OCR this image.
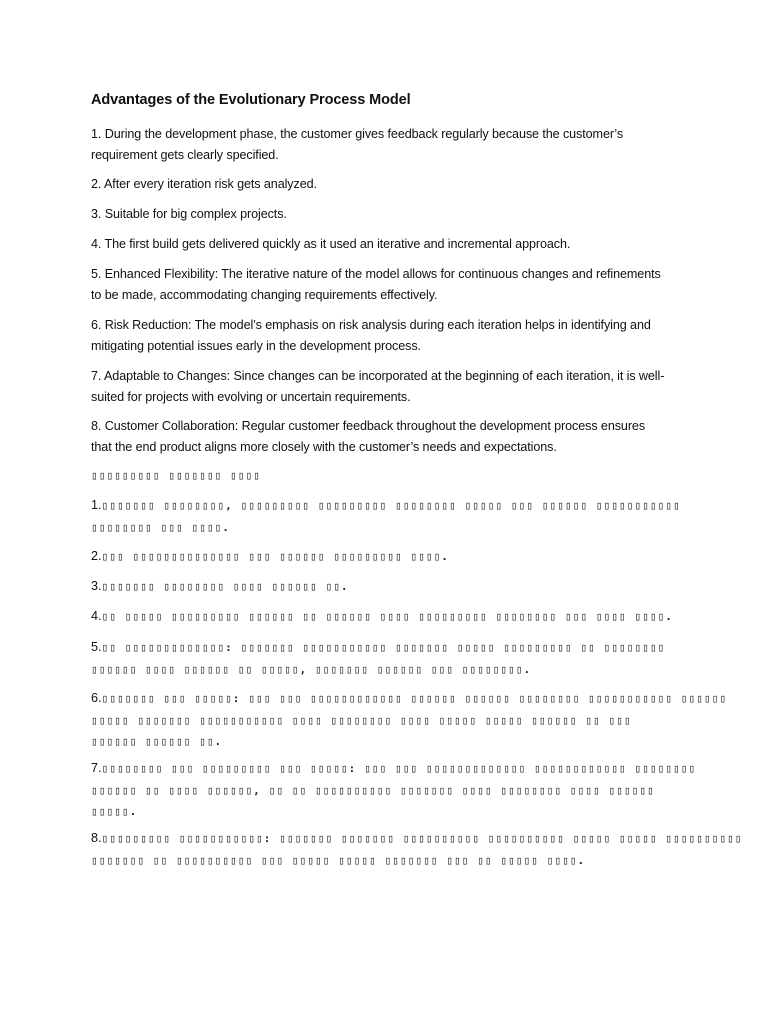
Advantages of the Evolutionary Process Model
1. During the development phase, the customer gives feedback regularly because the customer’s
requirement gets clearly specified.
2. After every iteration risk gets analyzed.
3. Suitable for big complex projects.
4. The first build gets delivered quickly as it used an iterative and incremental approach.
5. Enhanced Flexibility: The iterative nature of the model allows for continuous changes and refinements
to be made, accommodating changing requirements effectively.
6. Risk Reduction: The model’s emphasis on risk analysis during each iteration helps in identifying and
mitigating potential issues early in the development process.
7. Adaptable to Changes: Since changes can be incorporated at the beginning of each iteration, it is well-
suited for projects with evolving or uncertain requirements.
8. Customer Collaboration: Regular customer feedback throughout the development process ensures
that the end product aligns more closely with the customer’s needs and expectations.
▯▯▯▯▯▯▯▯▯ ▯▯▯▯▯▯▯ ▯▯▯▯
1.▯▯▯▯▯▯▯ ▯▯▯▯▯▯▯▯, ▯▯▯▯▯▯▯▯▯ ▯▯▯▯▯▯▯▯▯ ▯▯▯▯▯▯▯▯ ▯▯▯▯▯ ▯▯▯ ▯▯▯▯▯▯ ▯▯▯▯▯▯▯▯▯▯▯
▯▯▯▯▯▯▯▯ ▯▯▯ ▯▯▯▯.
2.▯▯▯ ▯▯▯▯▯▯▯▯▯▯▯▯▯▯ ▯▯▯ ▯▯▯▯▯▯ ▯▯▯▯▯▯▯▯▯ ▯▯▯▯.
3.▯▯▯▯▯▯▯ ▯▯▯▯▯▯▯▯ ▯▯▯▯ ▯▯▯▯▯▯ ▯▯.
4.▯▯ ▯▯▯▯▯ ▯▯▯▯▯▯▯▯▯ ▯▯▯▯▯▯ ▯▯ ▯▯▯▯▯▯ ▯▯▯▯ ▯▯▯▯▯▯▯▯▯ ▯▯▯▯▯▯▯▯ ▯▯▯ ▯▯▯▯ ▯▯▯▯.
5.▯▯ ▯▯▯▯▯▯▯▯▯▯▯▯▯: ▯▯▯▯▯▯▯ ▯▯▯▯▯▯▯▯▯▯▯ ▯▯▯▯▯▯▯ ▯▯▯▯▯ ▯▯▯▯▯▯▯▯▯ ▯▯ ▯▯▯▯▯▯▯▯
▯▯▯▯▯▯ ▯▯▯▯ ▯▯▯▯▯▯ ▯▯ ▯▯▯▯▯, ▯▯▯▯▯▯▯ ▯▯▯▯▯▯ ▯▯▯ ▯▯▯▯▯▯▯▯.
6.▯▯▯▯▯▯▯ ▯▯▯ ▯▯▯▯▯: ▯▯▯ ▯▯▯ ▯▯▯▯▯▯▯▯▯▯▯▯ ▯▯▯▯▯▯ ▯▯▯▯▯▯ ▯▯▯▯▯▯▯▯ ▯▯▯▯▯▯▯▯▯▯▯ ▯▯▯▯▯▯
▯▯▯▯▯ ▯▯▯▯▯▯▯ ▯▯▯▯▯▯▯▯▯▯▯ ▯▯▯▯ ▯▯▯▯▯▯▯▯ ▯▯▯▯ ▯▯▯▯▯ ▯▯▯▯▯ ▯▯▯▯▯▯ ▯▯ ▯▯▯
▯▯▯▯▯▯ ▯▯▯▯▯▯ ▯▯.
7.▯▯▯▯▯▯▯▯ ▯▯▯ ▯▯▯▯▯▯▯▯▯ ▯▯▯ ▯▯▯▯▯: ▯▯▯ ▯▯▯ ▯▯▯▯▯▯▯▯▯▯▯▯▯ ▯▯▯▯▯▯▯▯▯▯▯▯ ▯▯▯▯▯▯▯▯
▯▯▯▯▯▯ ▯▯ ▯▯▯▯ ▯▯▯▯▯▯, ▯▯ ▯▯ ▯▯▯▯▯▯▯▯▯▯ ▯▯▯▯▯▯▯ ▯▯▯▯ ▯▯▯▯▯▯▯▯ ▯▯▯▯ ▯▯▯▯▯▯
▯▯▯▯▯.
8.▯▯▯▯▯▯▯▯▯ ▯▯▯▯▯▯▯▯▯▯▯: ▯▯▯▯▯▯▯ ▯▯▯▯▯▯▯ ▯▯▯▯▯▯▯▯▯▯ ▯▯▯▯▯▯▯▯▯▯ ▯▯▯▯▯ ▯▯▯▯▯ ▯▯▯▯▯▯▯▯▯▯
▯▯▯▯▯▯▯ ▯▯ ▯▯▯▯▯▯▯▯▯▯ ▯▯▯ ▯▯▯▯▯ ▯▯▯▯▯ ▯▯▯▯▯▯▯ ▯▯▯ ▯▯ ▯▯▯▯▯ ▯▯▯▯.
